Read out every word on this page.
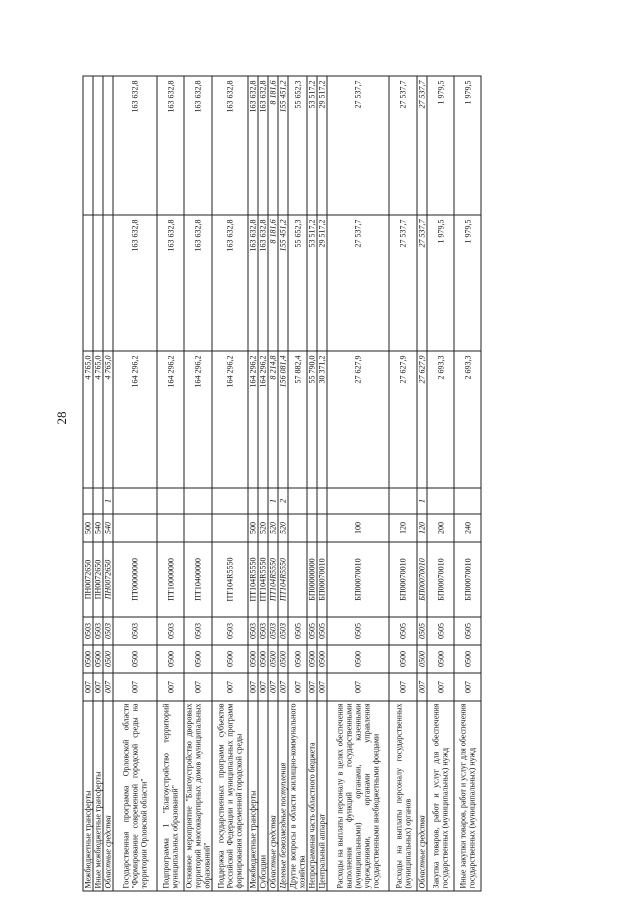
28
Межбюджетные трансферты	007	0500	0503	ПН0072650	500		4 765,0		
Иные межбюджетные трансферты	007	0500	0503	ПН0072650	540		4 765,0		
Областные средства	007	0500	0503	ПН0072650	540	1	4 765,0		
Государственная программа Орловской области "Формирование современной городской среды на территории Орловской области"	007	0500	0503	ПТ00000000			164 296,2	163 632,8	163 632,8
Подпрограмма 1 "Благоустройство территорий муниципальных образований"	007	0500	0503	ПТ10000000			164 296,2	163 632,8	163 632,8
Основное мероприятие "Благоустройство дворовых территорий многоквартирных домов муниципальных образований"	007	0500	0503	ПТ10400000			164 296,2	163 632,8	163 632,8
Поддержка государственных программ субъектов Российской Федерации и муниципальных программ формирования современной городской среды	007	0500	0503	ПТ104R5550			164 296,2	163 632,8	163 632,8
Межбюджетные трансферты	007	0500	0503	ПТ104R5550	500		164 296,2	163 632,8	163 632,8
Субсидии	007	0500	0503	ПТ104R5550	520		164 296,2	163 632,8	163 632,8
Областные средства	007	0500	0503	ПТ104R5550	520	1	8 214,8	8 181,6	8 181,6
Целевые безвозмездные поступления	007	0500	0503	ПТ104R5550	520	2	156 081,4	155 451,2	155 451,2
Другие вопросы в области жилищно-коммунального хозяйства	007	0500	0505				57 882,4	55 652,3	55 652,3
Непрограммная часть областного бюджета	007	0500	0505	БП00000000			55 790,0	53 517,2	53 517,2
Центральный аппарат	007	0500	0505	БП00070010			30 371,2	29 517,2	29 517,2
Расходы на выплаты персоналу в целях обеспечения выполнения функций государственными (муниципальными) органами, казенными учреждениями, органами управления государственными внебюджетными фондами	007	0500	0505	БП00070010	100		27 627,9	27 537,7	27 537,7
Расходы на выплаты персоналу государственных (муниципальных) органов	007	0500	0505	БП00070010	120		27 627,9	27 537,7	27 537,7
Областные средства	007	0500	0505	БП00070010	120	1	27 627,9	27 537,7	27 537,7
Закупка товаров, работ и услуг для обеспечения государственных (муниципальных) нужд	007	0500	0505	БП00070010	200		2 693,3	1 979,5	1 979,5
Иные закупки товаров, работ и услуг для обеспечения государственных (муниципальных) нужд	007	0500	0505	БП00070010	240		2 693,3	1 979,5	1 979,5
